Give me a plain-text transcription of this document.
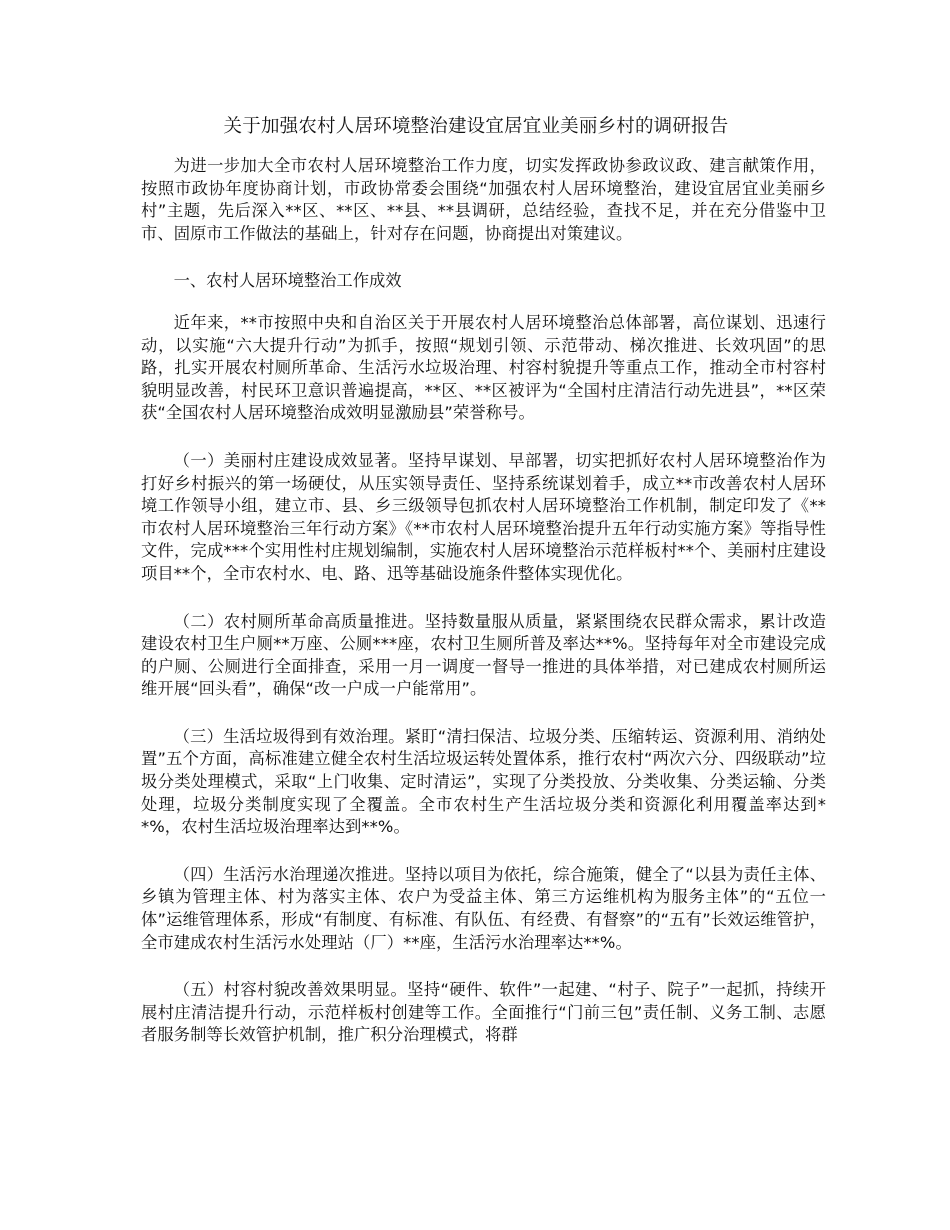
关于加强农村人居环境整治建设宜居宜业美丽乡村的调研报告

为进一步加大全市农村人居环境整治工作力度，切实发挥政协参政议政、建言献策作用，按照市政协年度协商计划，市政协常委会围绕“加强农村人居环境整治，建设宜居宜业美丽乡村”主题，先后深入**区、**区、**县、**县调研，总结经验，查找不足，并在充分借鉴中卫市、固原市工作做法的基础上，针对存在问题，协商提出对策建议。

一、农村人居环境整治工作成效

近年来，**市按照中央和自治区关于开展农村人居环境整治总体部署，高位谋划、迅速行动，以实施“六大提升行动”为抓手，按照“规划引领、示范带动、梯次推进、长效巩固”的思路，扎实开展农村厕所革命、生活污水垃圾治理、村容村貌提升等重点工作，推动全市村容村貌明显改善，村民环卫意识普遍提高，**区、**区被评为“全国村庄清洁行动先进县”，**区荣获“全国农村人居环境整治成效明显激励县”荣誉称号。

（一）美丽村庄建设成效显著。坚持早谋划、早部署，切实把抓好农村人居环境整治作为打好乡村振兴的第一场硬仗，从压实领导责任、坚持系统谋划着手，成立**市改善农村人居环境工作领导小组，建立市、县、乡三级领导包抓农村人居环境整治工作机制，制定印发了《**市农村人居环境整治三年行动方案》《**市农村人居环境整治提升五年行动实施方案》等指导性文件，完成***个实用性村庄规划编制，实施农村人居环境整治示范样板村**个、美丽村庄建设项目**个，全市农村水、电、路、迅等基础设施条件整体实现优化。

（二）农村厕所革命高质量推进。坚持数量服从质量，紧紧围绕农民群众需求，累计改造建设农村卫生户厕**万座、公厕***座，农村卫生厕所普及率达**%。坚持每年对全市建设完成的户厕、公厕进行全面排查，采用一月一调度一督导一推进的具体举措，对已建成农村厕所运维开展“回头看”，确保“改一户成一户能常用”。

（三）生活垃圾得到有效治理。紧盯“清扫保洁、垃圾分类、压缩转运、资源利用、消纳处置”五个方面，高标准建立健全农村生活垃圾运转处置体系，推行农村“两次六分、四级联动”垃圾分类处理模式，采取“上门收集、定时清运”，实现了分类投放、分类收集、分类运输、分类处理，垃圾分类制度实现了全覆盖。全市农村生产生活垃圾分类和资源化利用覆盖率达到**%，农村生活垃圾治理率达到**%。

（四）生活污水治理递次推进。坚持以项目为依托，综合施策，健全了“以县为责任主体、乡镇为管理主体、村为落实主体、农户为受益主体、第三方运维机构为服务主体”的“五位一体”运维管理体系，形成“有制度、有标准、有队伍、有经费、有督察”的“五有”长效运维管护，全市建成农村生活污水处理站（厂）**座，生活污水治理率达**%。

（五）村容村貌改善效果明显。坚持“硬件、软件”一起建、“村子、院子”一起抓，持续开展村庄清洁提升行动，示范样板村创建等工作。全面推行“门前三包”责任制、义务工制、志愿者服务制等长效管护机制，推广积分治理模式，将群
